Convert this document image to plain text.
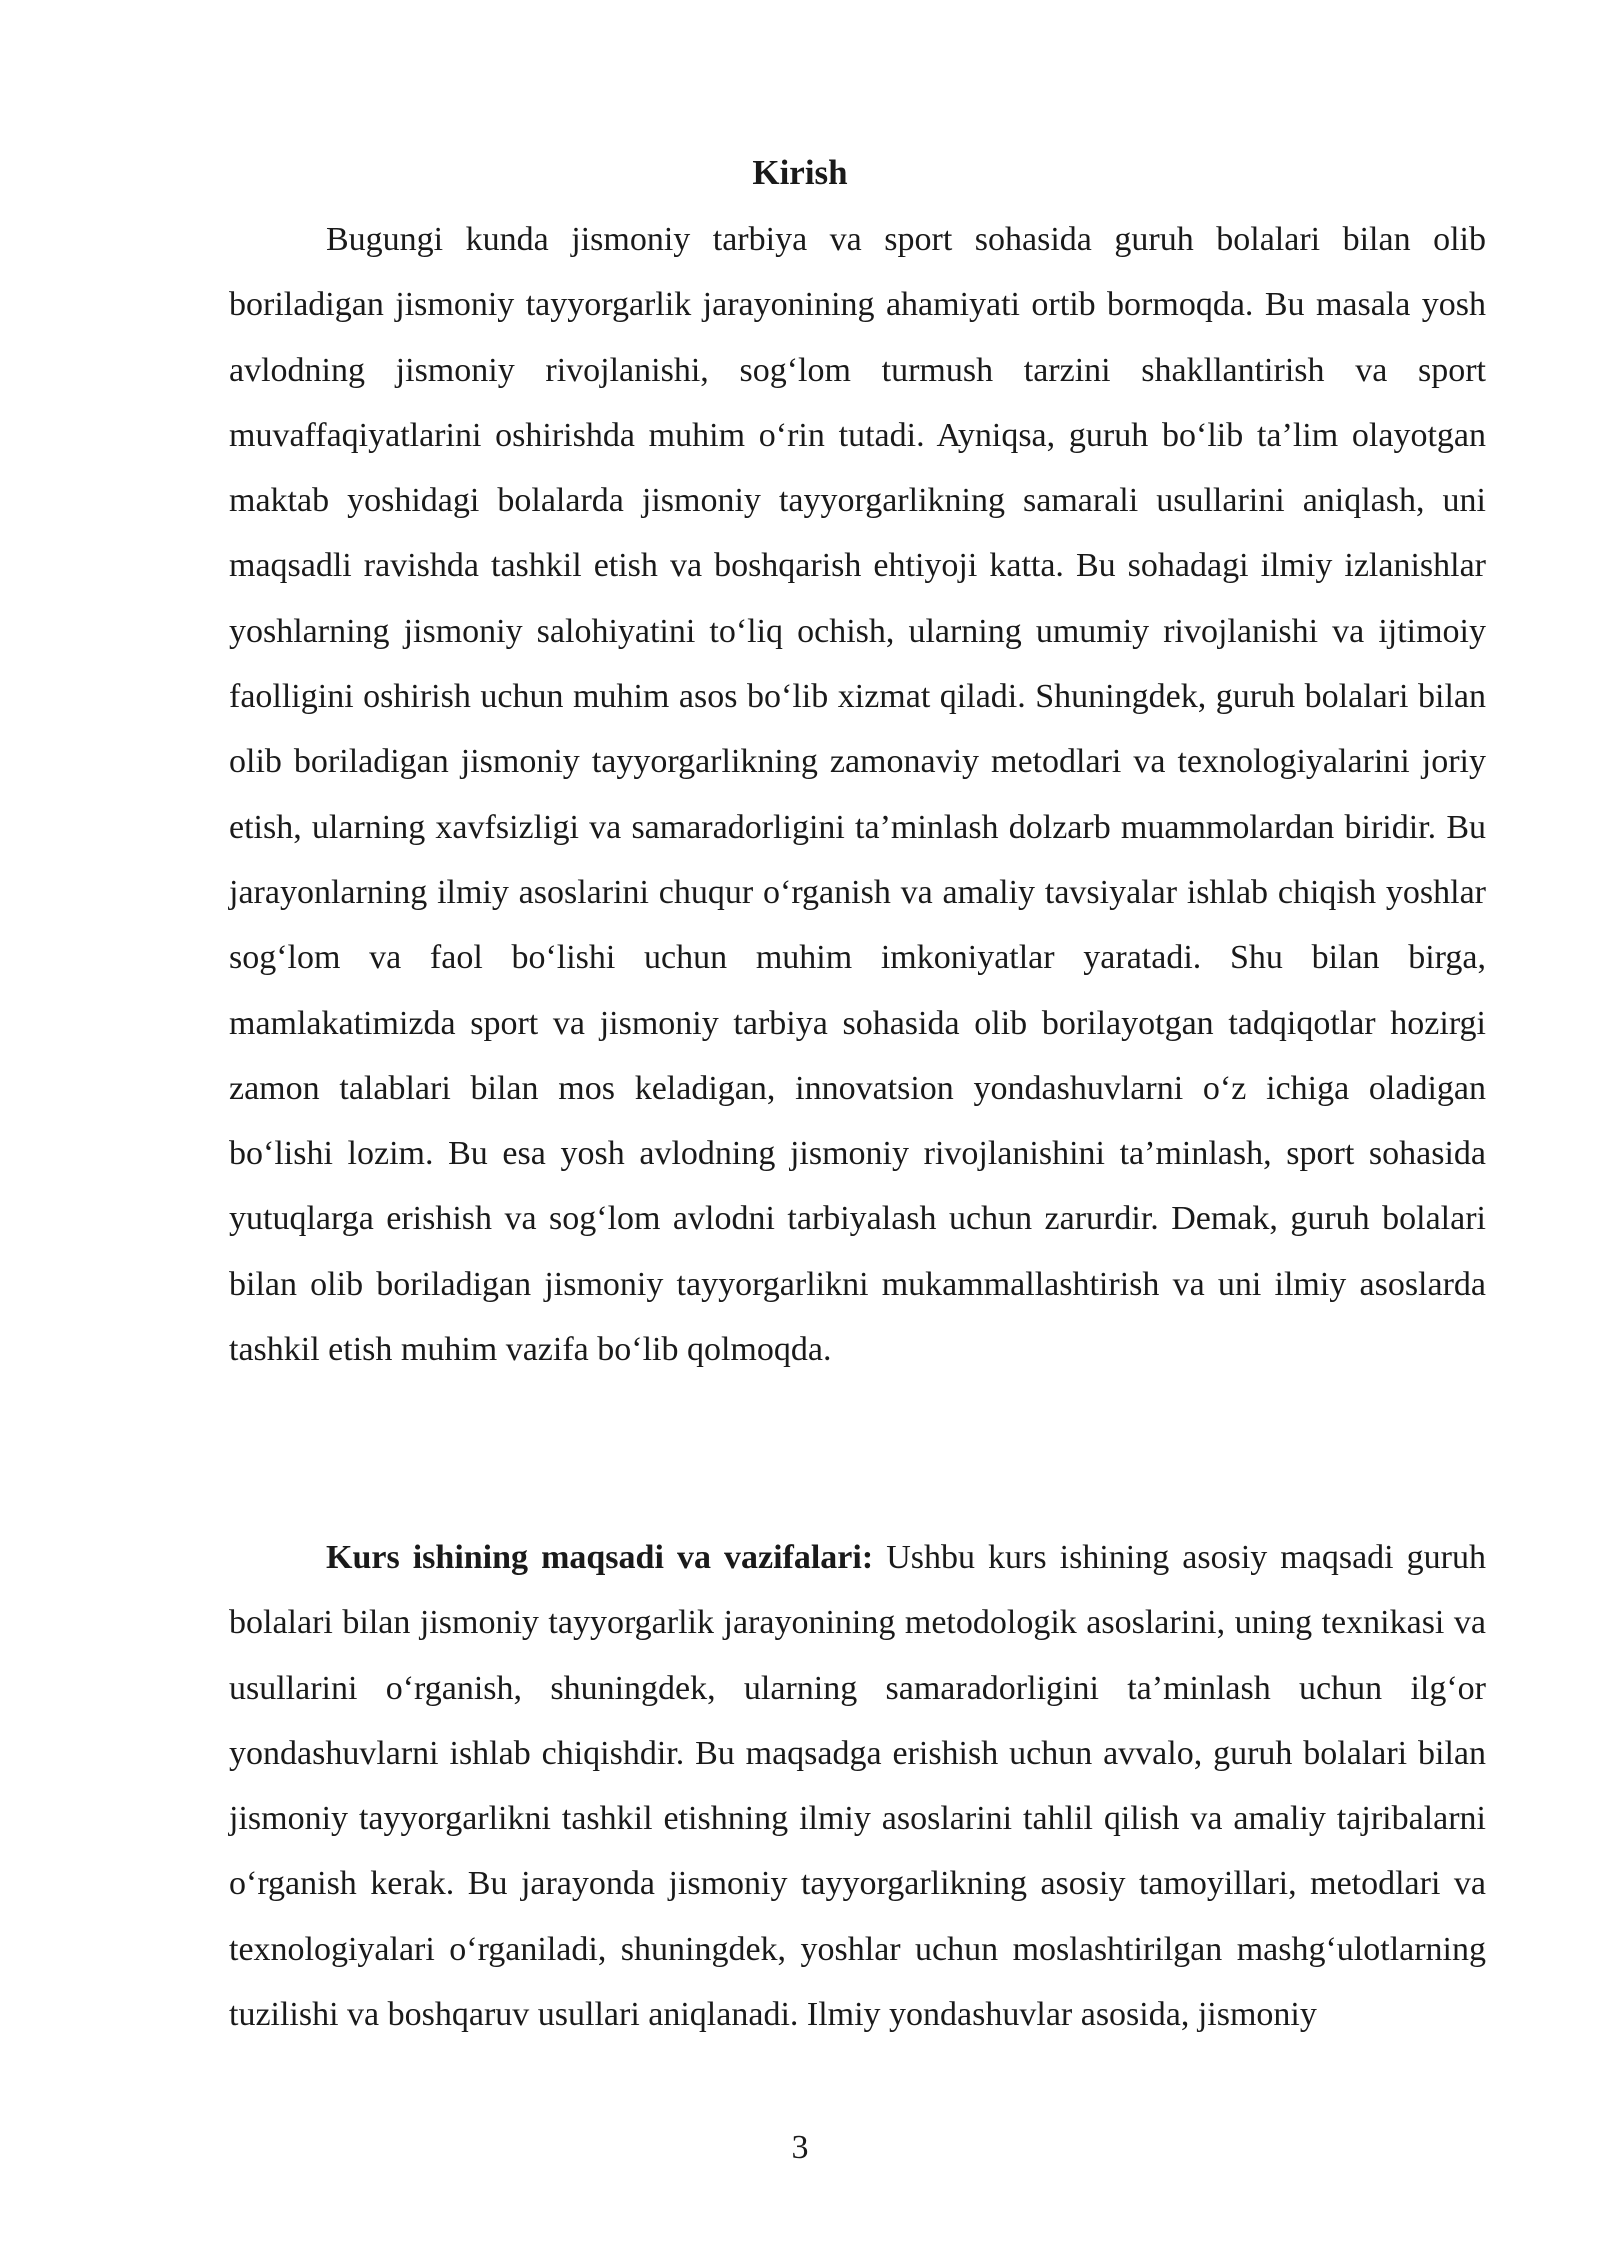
Kirish

Bugungi kunda jismoniy tarbiya va sport sohasida guruh bolalari bilan olib boriladigan jismoniy tayyorgarlik jarayonining ahamiyati ortib bormoqda. Bu masala yosh avlodning jismoniy rivojlanishi, sog‘lom turmush tarzini shakllantirish va sport muvaffaqiyatlarini oshirishda muhim o‘rin tutadi. Ayniqsa, guruh bo‘lib ta’lim olayotgan maktab yoshidagi bolalarda jismoniy tayyorgarlikning samarali usullarini aniqlash, uni maqsadli ravishda tashkil etish va boshqarish ehtiyoji katta. Bu sohadagi ilmiy izlanishlar yoshlarning jismoniy salohiyatini to‘liq ochish, ularning umumiy rivojlanishi va ijtimoiy faolligini oshirish uchun muhim asos bo‘lib xizmat qiladi. Shuningdek, guruh bolalari bilan olib boriladigan jismoniy tayyorgarlikning zamonaviy metodlari va texnologiyalarini joriy etish, ularning xavfsizligi va samaradorligini ta’minlash dolzarb muammolardan biridir. Bu jarayonlarning ilmiy asoslarini chuqur o‘rganish va amaliy tavsiyalar ishlab chiqish yoshlar sog‘lom va faol bo‘lishi uchun muhim imkoniyatlar yaratadi. Shu bilan birga, mamlakatimizda sport va jismoniy tarbiya sohasida olib borilayotgan tadqiqotlar hozirgi zamon talablari bilan mos keladigan, innovatsion yondashuvlarni o‘z ichiga oladigan bo‘lishi lozim. Bu esa yosh avlodning jismoniy rivojlanishini ta’minlash, sport sohasida yutuqlarga erishish va sog‘lom avlodni tarbiyalash uchun zarurdir. Demak, guruh bolalari bilan olib boriladigan jismoniy tayyorgarlikni mukammallashtirish va uni ilmiy asoslarda tashkil etish muhim vazifa bo‘lib qolmoqda.

Kurs ishining maqsadi va vazifalari: Ushbu kurs ishining asosiy maqsadi guruh bolalari bilan jismoniy tayyorgarlik jarayonining metodologik asoslarini, uning texnikasi va usullarini o‘rganish, shuningdek, ularning samaradorligini ta’minlash uchun ilg‘or yondashuvlarni ishlab chiqishdir. Bu maqsadga erishish uchun avvalo, guruh bolalari bilan jismoniy tayyorgarlikni tashkil etishning ilmiy asoslarini tahlil qilish va amaliy tajribalarni o‘rganish kerak. Bu jarayonda jismoniy tayyorgarlikning asosiy tamoyillari, metodlari va texnologiyalari o‘rganiladi, shuningdek, yoshlar uchun moslashtirilgan mashg‘ulotlarning tuzilishi va boshqaruv usullari aniqlanadi. Ilmiy yondashuvlar asosida, jismoniy

3
